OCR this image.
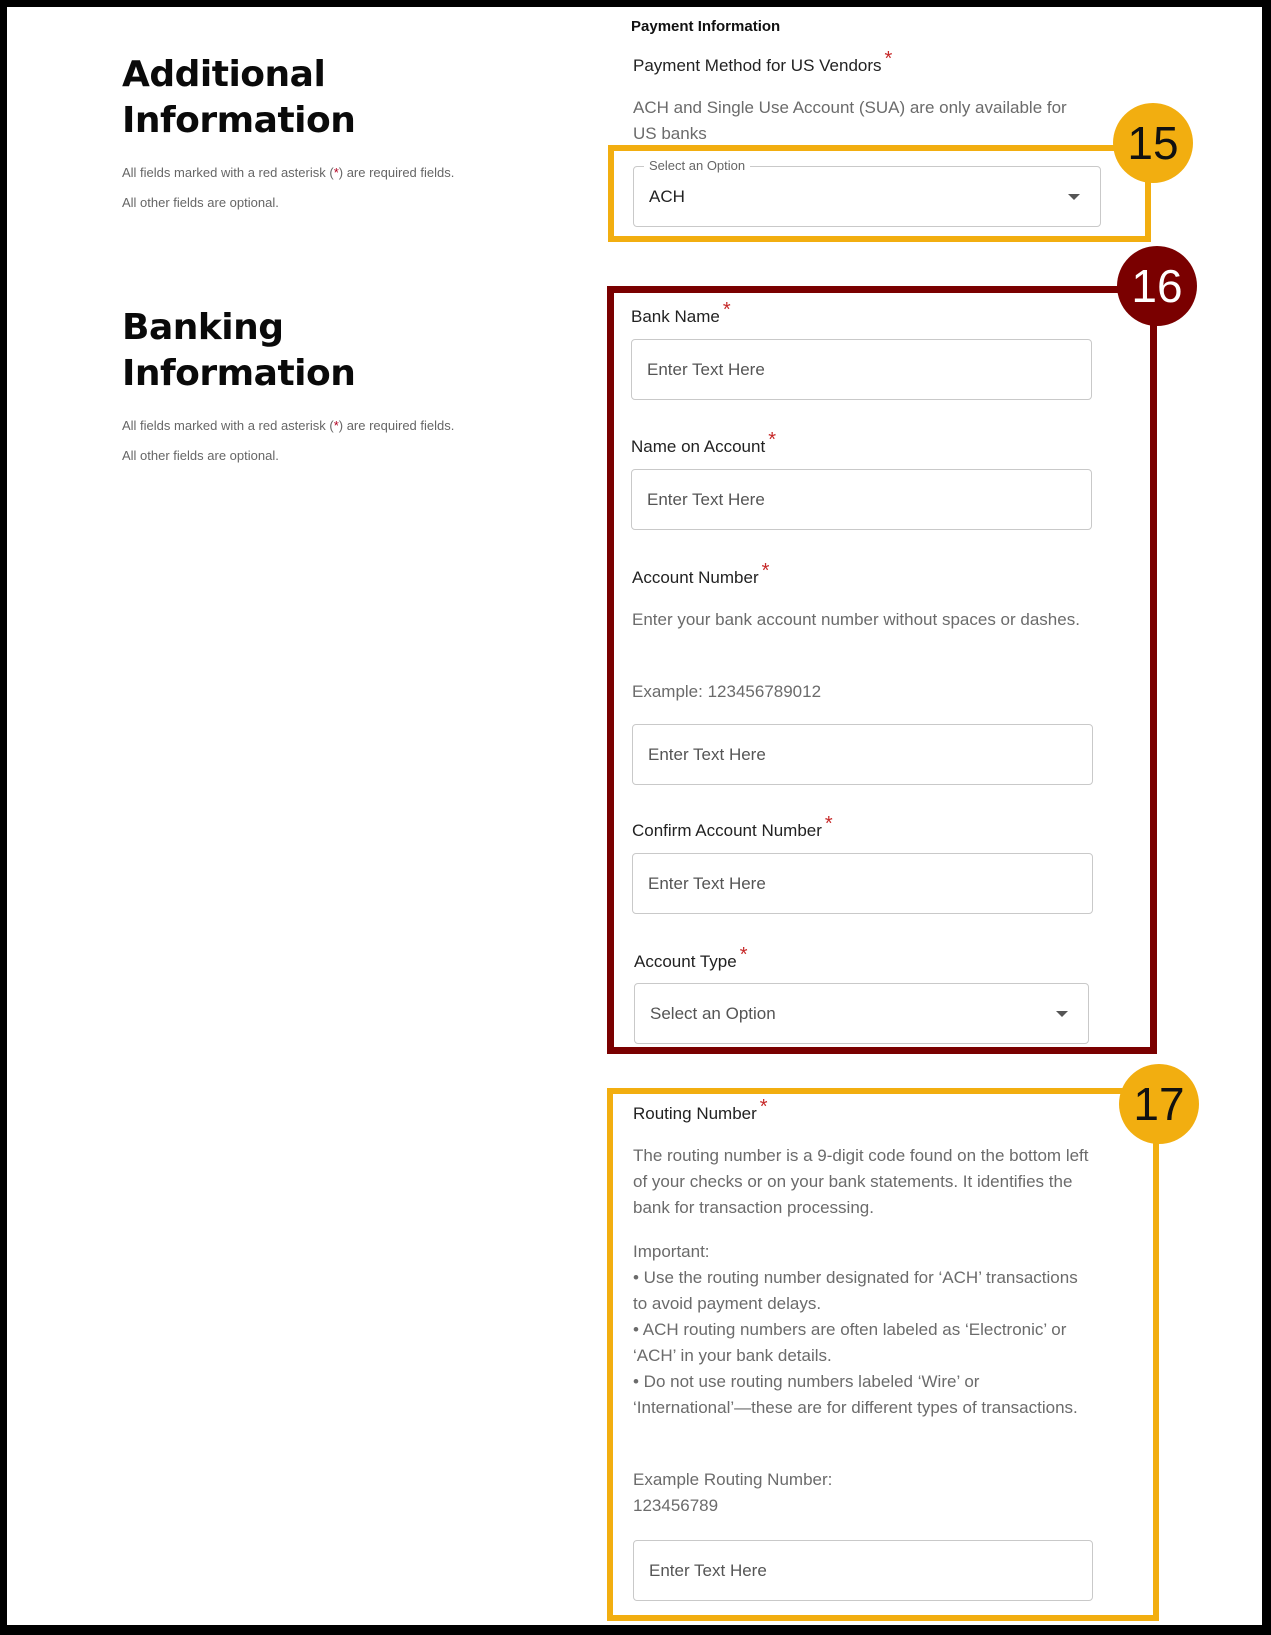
Additional Information
All fields marked with a red asterisk (*) are required fields.
All other fields are optional.
Banking Information
All fields marked with a red asterisk (*) are required fields.
All other fields are optional.
Payment Information
Payment Method for US Vendors *
ACH and Single Use Account (SUA) are only available for US banks
Select an Option
ACH
Bank Name *
Enter Text Here
Name on Account *
Enter Text Here
Account Number *
Enter your bank account number without spaces or dashes.
Example: 123456789012
Enter Text Here
Confirm Account Number *
Enter Text Here
Account Type *
Select an Option
Routing Number *
The routing number is a 9-digit code found on the bottom left of your checks or on your bank statements. It identifies the bank for transaction processing.
Important:
• Use the routing number designated for ‘ACH’ transactions to avoid payment delays.
• ACH routing numbers are often labeled as ‘Electronic’ or ‘ACH’ in your bank details.
• Do not use routing numbers labeled ‘Wire’ or ‘International’—these are for different types of transactions.
Example Routing Number:
123456789
Enter Text Here
15
16
17
